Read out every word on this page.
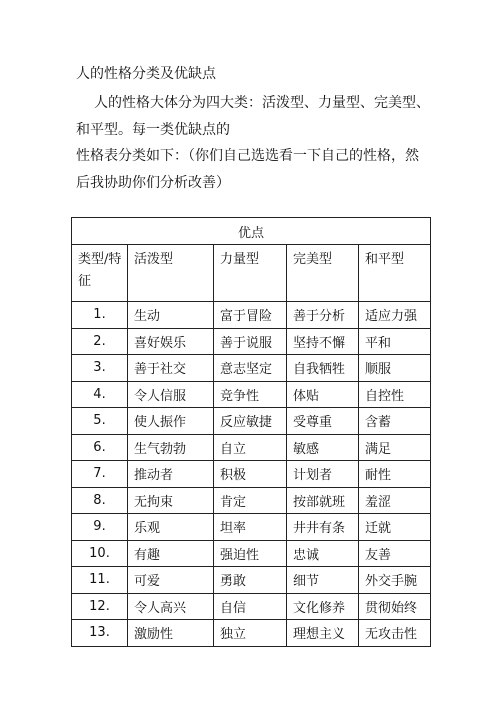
人的性格分类及优缺点

人的性格大体分为四大类：活泼型、力量型、完美型、

和平型。每一类优缺点的

性格表分类如下：（你们自己选选看一下自己的性格，然

后我协助你们分析改善）

优点				
类型/特征	活泼型	力量型	完美型	和平型
1.	生动	富于冒险	善于分析	适应力强
2.	喜好娱乐	善于说服	坚持不懈	平和
3.	善于社交	意志坚定	自我牺牲	顺服
4.	令人信服	竞争性	体贴	自控性
5.	使人振作	反应敏捷	受尊重	含蓄
6.	生气勃勃	自立	敏感	满足
7.	推动者	积极	计划者	耐性
8.	无拘束	肯定	按部就班	羞涩
9.	乐观	坦率	井井有条	迁就
10.	有趣	强迫性	忠诚	友善
11.	可爱	勇敢	细节	外交手腕
12.	令人高兴	自信	文化修养	贯彻始终
13.	激励性	独立	理想主义	无攻击性
